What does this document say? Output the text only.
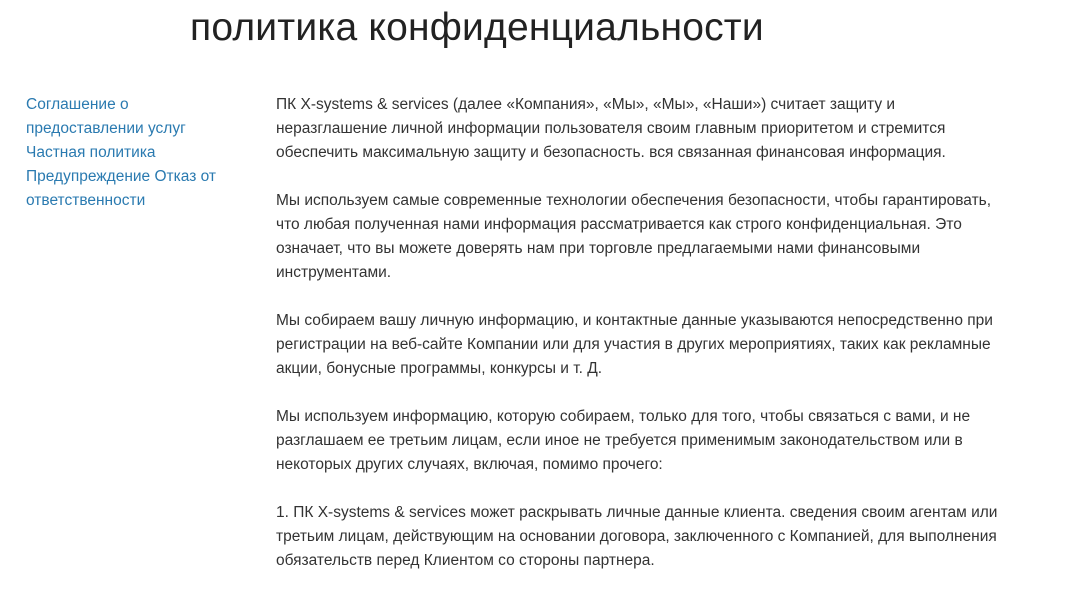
политика конфиденциальности
Соглашение о предоставлении услуг
Частная политика
Предупреждение Отказ от ответственности

ПК X-systems & services (далее «Компания», «Мы», «Мы», «Наши») считает защиту и неразглашение личной информации пользователя своим главным приоритетом и стремится обеспечить максимальную защиту и безопасность. вся связанная финансовая информация.

Мы используем самые современные технологии обеспечения безопасности, чтобы гарантировать, что любая полученная нами информация рассматривается как строго конфиденциальная. Это означает, что вы можете доверять нам при торговле предлагаемыми нами финансовыми инструментами.

Мы собираем вашу личную информацию, и контактные данные указываются непосредственно при регистрации на веб-сайте Компании или для участия в других мероприятиях, таких как рекламные акции, бонусные программы, конкурсы и т. Д.

Мы используем информацию, которую собираем, только для того, чтобы связаться с вами, и не разглашаем ее третьим лицам, если иное не требуется применимым законодательством или в некоторых других случаях, включая, помимо прочего:

1. ПК X-systems & services может раскрывать личные данные клиента. сведения своим агентам или третьим лицам, действующим на основании договора, заключенного с Компанией, для выполнения обязательств перед Клиентом со стороны партнера.
